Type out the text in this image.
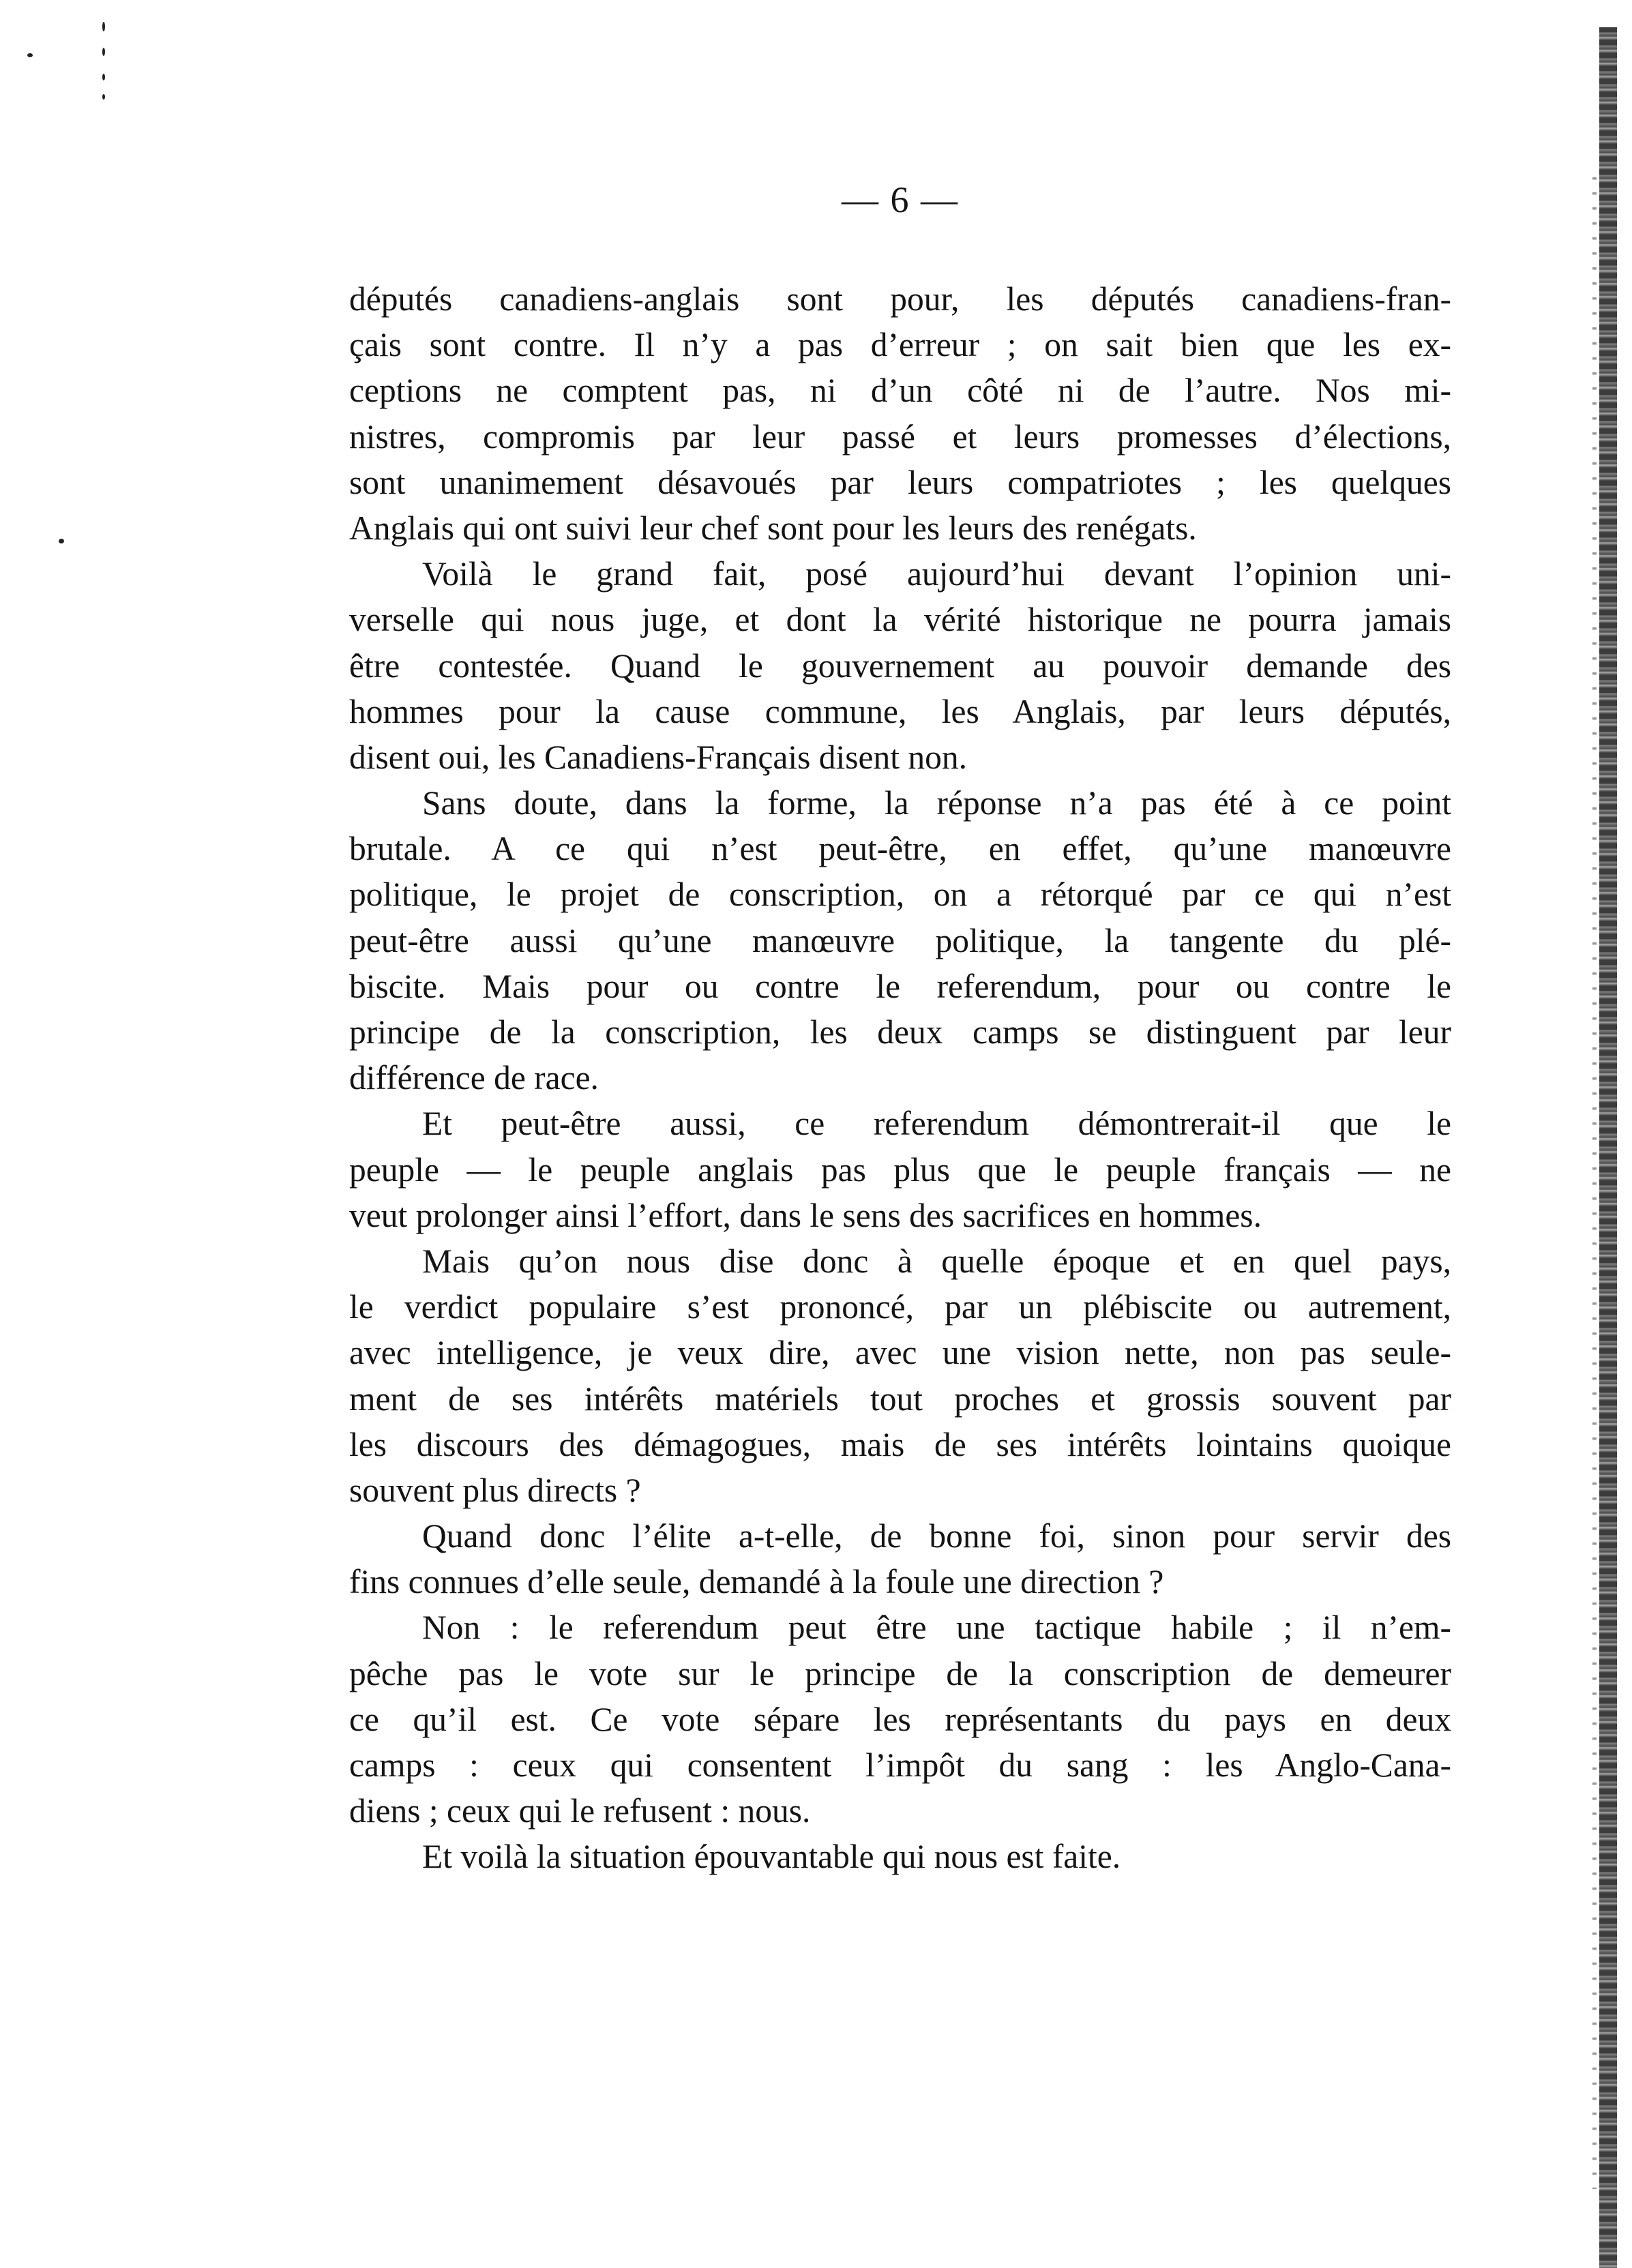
— 6 —
députés canadiens-anglais sont pour, les députés canadiens-fran-
çais sont contre. Il n’y a pas d’erreur ; on sait bien que les ex-
ceptions ne comptent pas, ni d’un côté ni de l’autre. Nos mi-
nistres, compromis par leur passé et leurs promesses d’élections,
sont unanimement désavoués par leurs compatriotes ; les quelques
Anglais qui ont suivi leur chef sont pour les leurs des renégats.
Voilà le grand fait, posé aujourd’hui devant l’opinion uni-
verselle qui nous juge, et dont la vérité historique ne pourra jamais
être contestée. Quand le gouvernement au pouvoir demande des
hommes pour la cause commune, les Anglais, par leurs députés,
disent oui, les Canadiens-Français disent non.
Sans doute, dans la forme, la réponse n’a pas été à ce point
brutale. A ce qui n’est peut-être, en effet, qu’une manœuvre
politique, le projet de conscription, on a rétorqué par ce qui n’est
peut-être aussi qu’une manœuvre politique, la tangente du plé-
biscite. Mais pour ou contre le referendum, pour ou contre le
principe de la conscription, les deux camps se distinguent par leur
différence de race.
Et peut-être aussi, ce referendum démontrerait-il que le
peuple — le peuple anglais pas plus que le peuple français — ne
veut prolonger ainsi l’effort, dans le sens des sacrifices en hommes.
Mais qu’on nous dise donc à quelle époque et en quel pays,
le verdict populaire s’est prononcé, par un plébiscite ou autrement,
avec intelligence, je veux dire, avec une vision nette, non pas seule-
ment de ses intérêts matériels tout proches et grossis souvent par
les discours des démagogues, mais de ses intérêts lointains quoique
souvent plus directs ?
Quand donc l’élite a-t-elle, de bonne foi, sinon pour servir des
fins connues d’elle seule, demandé à la foule une direction ?
Non : le referendum peut être une tactique habile ; il n’em-
pêche pas le vote sur le principe de la conscription de demeurer
ce qu’il est. Ce vote sépare les représentants du pays en deux
camps : ceux qui consentent l’impôt du sang : les Anglo-Cana-
diens ; ceux qui le refusent : nous.
Et voilà la situation épouvantable qui nous est faite.
